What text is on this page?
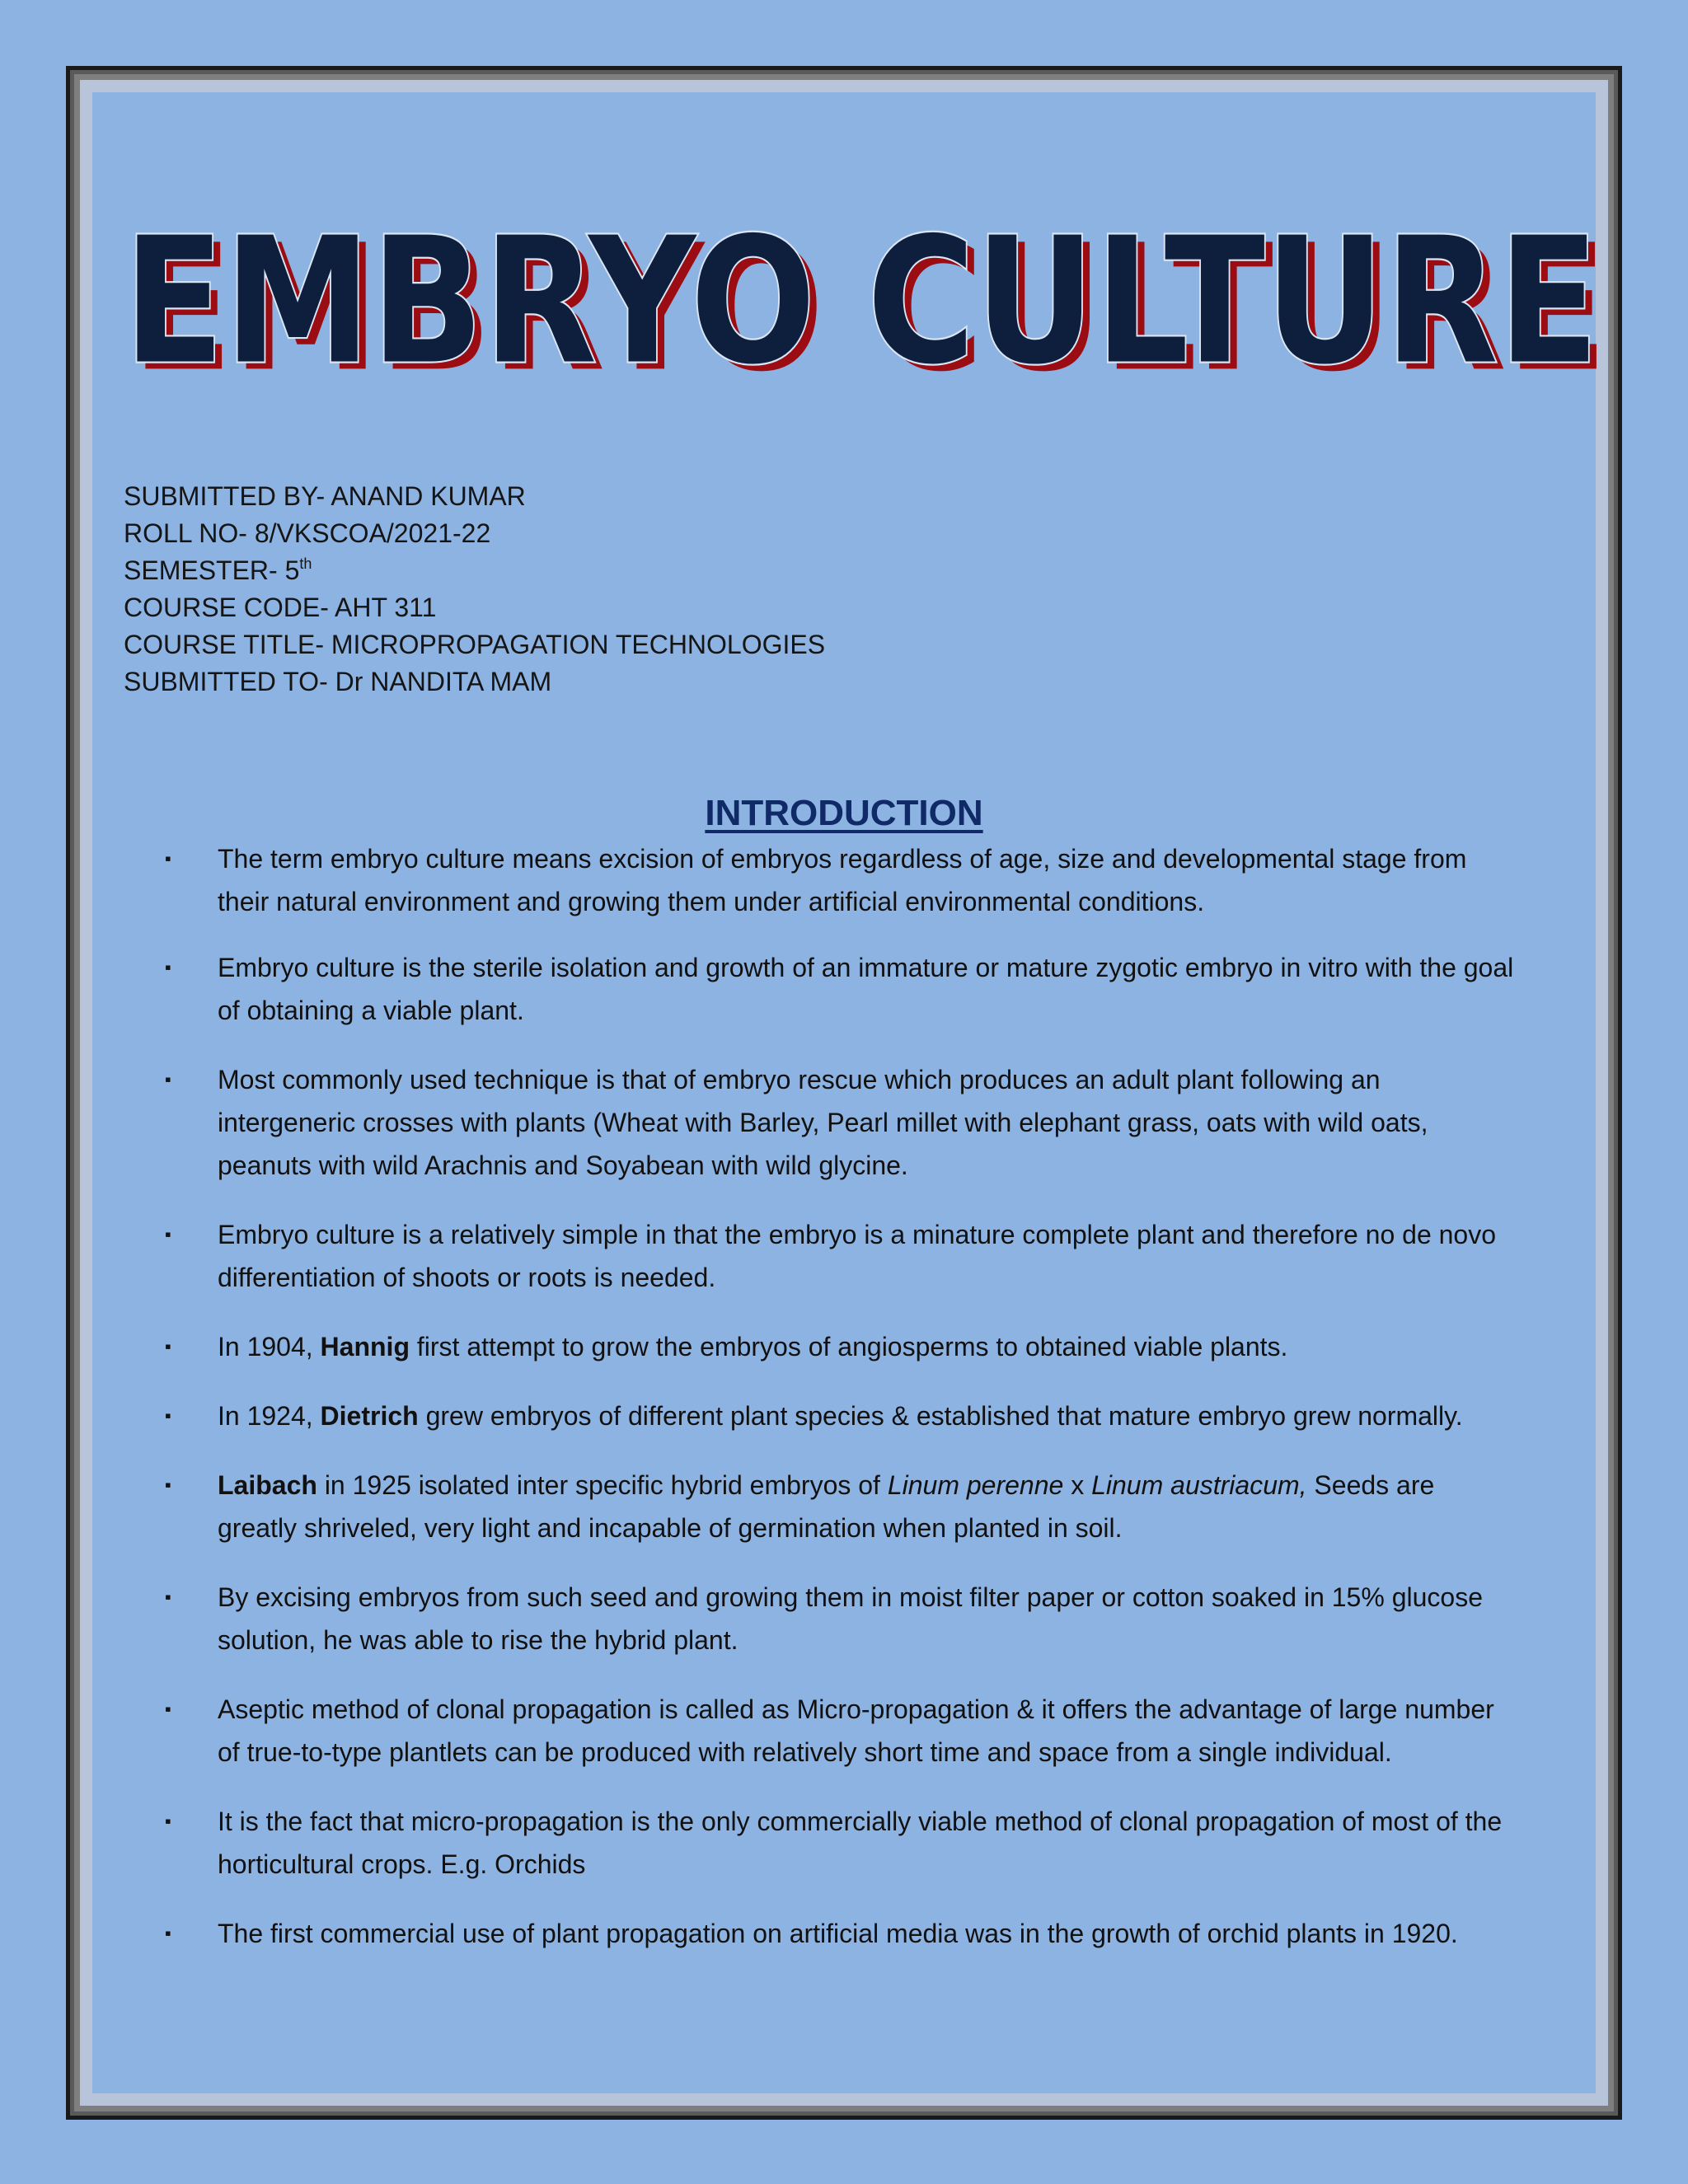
EMBRYO CULTURE
EMBRYO CULTURE
SUBMITTED BY- ANAND KUMAR
ROLL NO- 8/VKSCOA/2021-22
SEMESTER- 5th
COURSE CODE- AHT 311
COURSE TITLE- MICROPROPAGATION TECHNOLOGIES
SUBMITTED TO- Dr NANDITA MAM
INTRODUCTION
▪ The term embryo culture means excision of embryos regardless of age, size and developmental stage from their natural environment and growing them under artificial environmental conditions.
▪ Embryo culture is the sterile isolation and growth of an immature or mature zygotic embryo in vitro with the goal of obtaining a viable plant.
▪ Most commonly used technique is that of embryo rescue which produces an adult plant following an intergeneric crosses with plants (Wheat with Barley, Pearl millet with elephant grass, oats with wild oats, peanuts with wild Arachnis and Soyabean with wild glycine.
▪ Embryo culture is a relatively simple in that the embryo is a minature complete plant and therefore no de novo differentiation of shoots or roots is needed.
▪ In 1904, Hannig first attempt to grow the embryos of angiosperms to obtained viable plants.
▪ In 1924, Dietrich grew embryos of different plant species & established that mature embryo grew normally.
▪ Laibach in 1925 isolated inter specific hybrid embryos of Linum perenne x Linum austriacum, Seeds are greatly shriveled, very light and incapable of germination when planted in soil.
▪ By excising embryos from such seed and growing them in moist filter paper or cotton soaked in 15% glucose solution, he was able to rise the hybrid plant.
▪ Aseptic method of clonal propagation is called as Micro-propagation & it offers the advantage of large number of true-to-type plantlets can be produced with relatively short time and space from a single individual.
▪ It is the fact that micro-propagation is the only commercially viable method of clonal propagation of most of the horticultural crops. E.g. Orchids
▪ The first commercial use of plant propagation on artificial media was in the growth of orchid plants in 1920.
